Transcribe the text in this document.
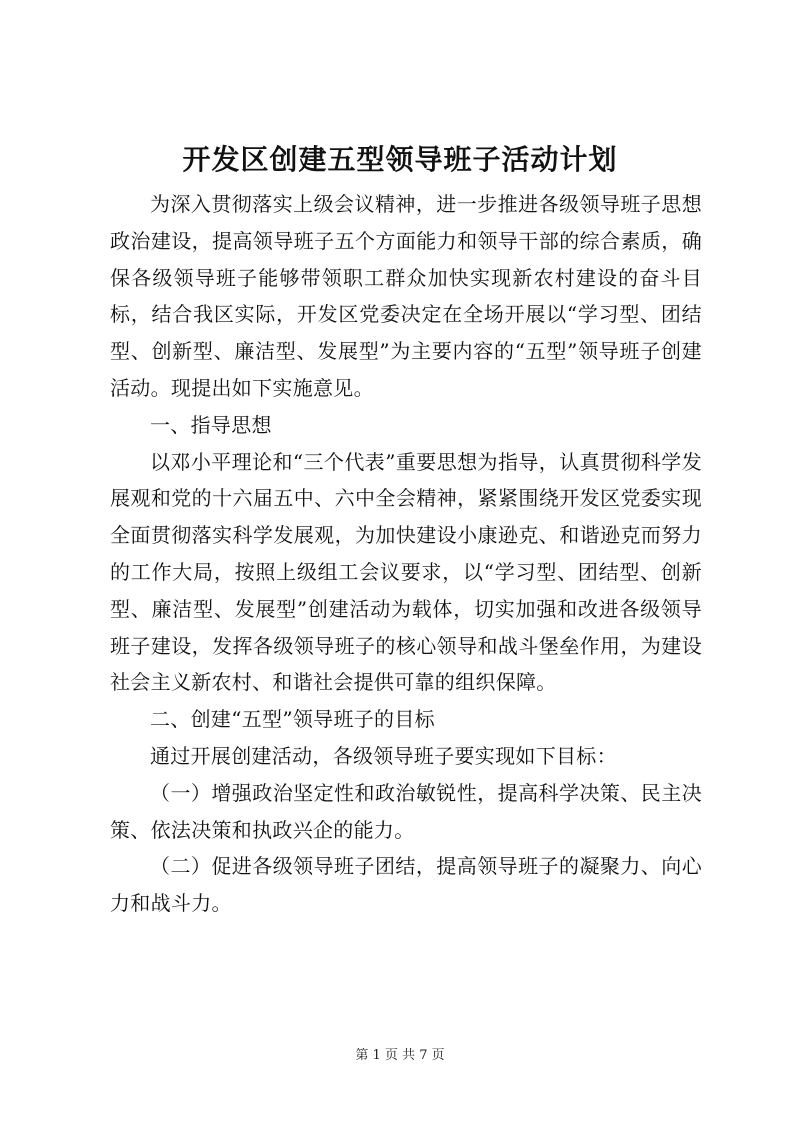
开发区创建五型领导班子活动计划

为深入贯彻落实上级会议精神，进一步推进各级领导班子思想政治建设，提高领导班子五个方面能力和领导干部的综合素质，确保各级领导班子能够带领职工群众加快实现新农村建设的奋斗目标，结合我区实际，开发区党委决定在全场开展以“学习型、团结型、创新型、廉洁型、发展型”为主要内容的“五型”领导班子创建活动。现提出如下实施意见。

一、指导思想

以邓小平理论和“三个代表”重要思想为指导，认真贯彻科学发展观和党的十六届五中、六中全会精神，紧紧围绕开发区党委实现全面贯彻落实科学发展观，为加快建设小康逊克、和谐逊克而努力的工作大局，按照上级组工会议要求，以“学习型、团结型、创新型、廉洁型、发展型”创建活动为载体，切实加强和改进各级领导班子建设，发挥各级领导班子的核心领导和战斗堡垒作用，为建设社会主义新农村、和谐社会提供可靠的组织保障。

二、创建“五型”领导班子的目标

通过开展创建活动，各级领导班子要实现如下目标：

（一）增强政治坚定性和政治敏锐性，提高科学决策、民主决策、依法决策和执政兴企的能力。

（二）促进各级领导班子团结，提高领导班子的凝聚力、向心力和战斗力。

第 1 页 共 7 页
